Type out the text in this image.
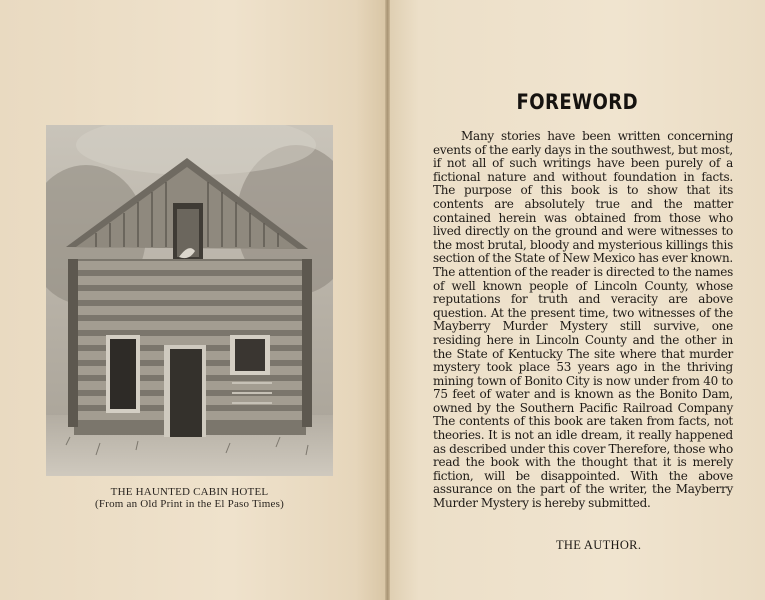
THE HAUNTED CABIN HOTEL
(From an Old Print in the El Paso Times)
FOREWORD

Many stories have been written concerning events of the early days in the southwest, but most, if not all of such writings have been purely of a fictional nature and without foundation in facts. The purpose of this book is to show that its contents are absolutely true and the matter contained herein was obtained from those who lived directly on the ground and were witnesses to the most brutal, bloody and mysterious killings this section of the State of New Mexico has ever known. The attention of the reader is directed to the names of well known people of Lincoln County, whose reputations for truth and veracity are above question. At the present time, two witnesses of the Mayberry Murder Mystery still survive, one residing here in Lincoln County and the other in the State of Kentucky The site where that murder mystery took place 53 years ago in the thriving mining town of Bonito City is now under from 40 to 75 feet of water and is known as the Bonito Dam, owned by the Southern Pacific Railroad Company The contents of this book are taken from facts, not theories. It is not an idle dream, it really happened as described under this cover Therefore, those who read the book with the thought that it is merely fiction, will be disappointed. With the above assurance on the part of the writer, the Mayberry Murder Mystery is hereby submitted.

THE AUTHOR.
